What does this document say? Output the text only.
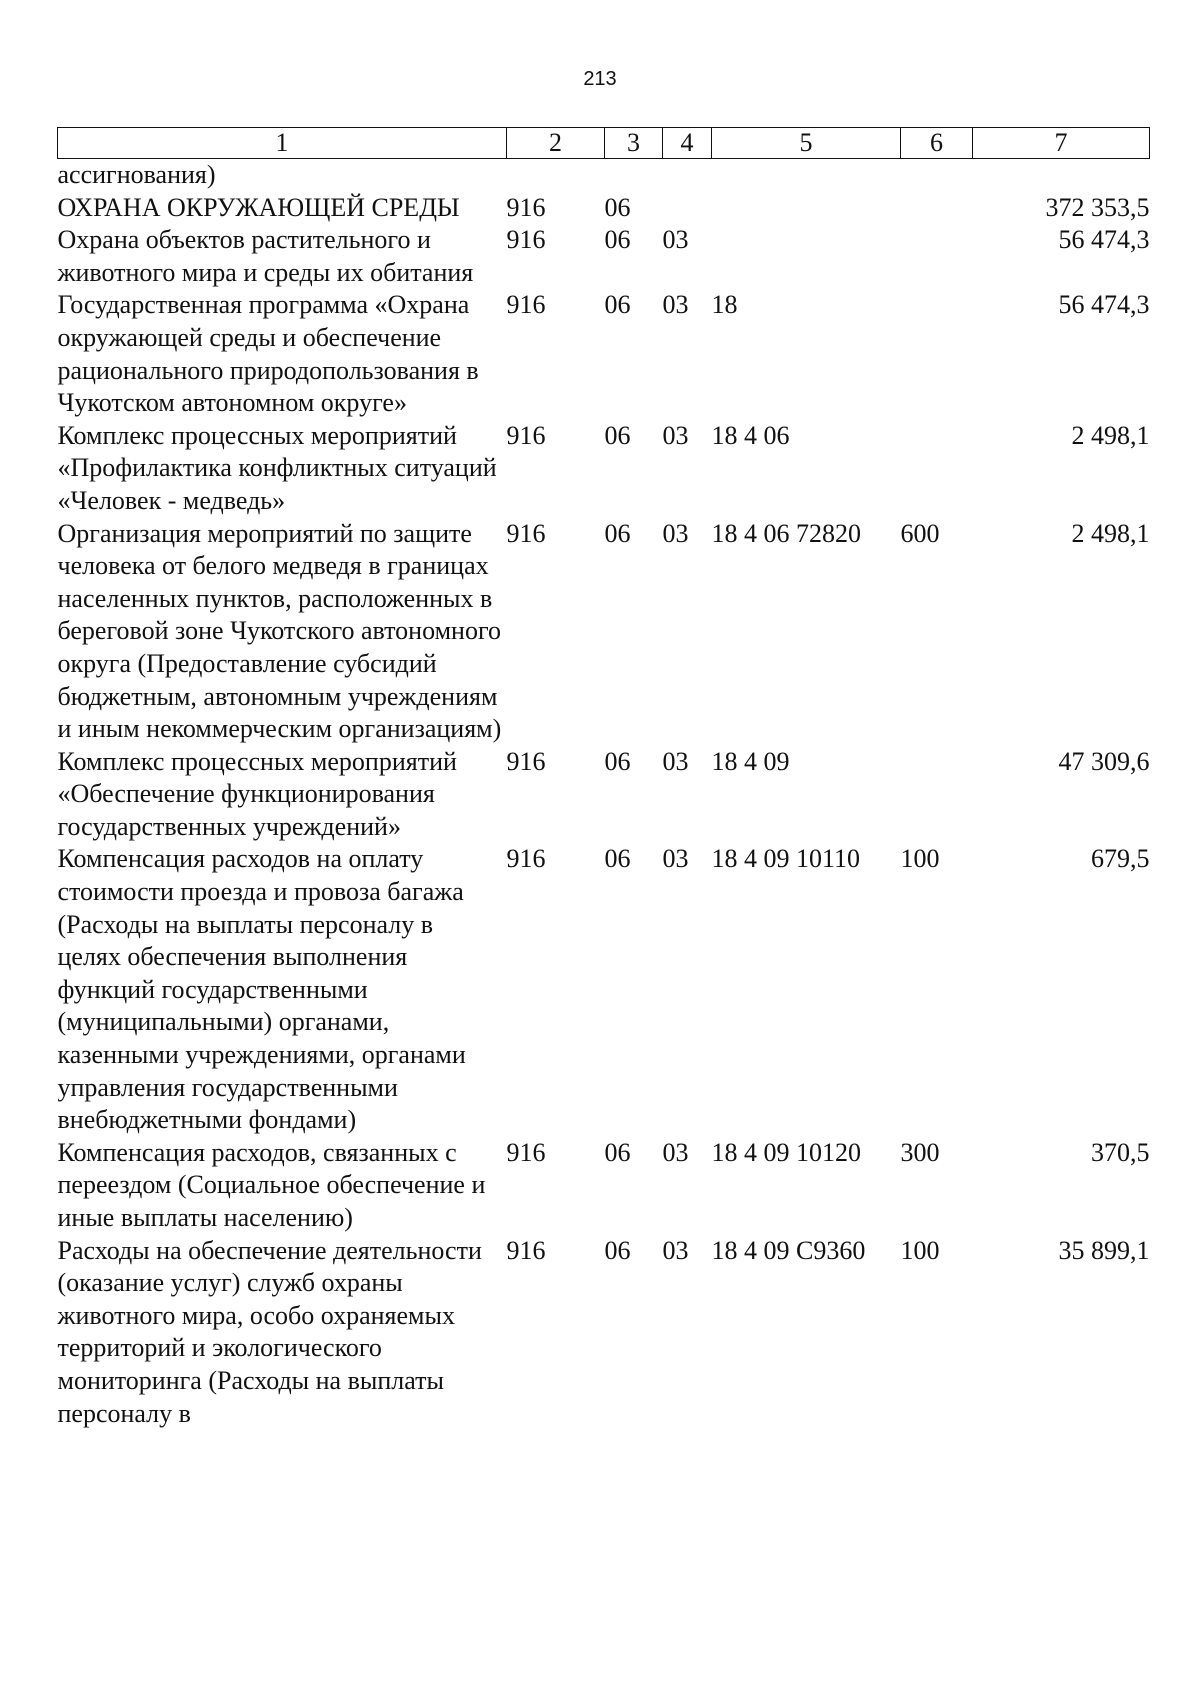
213
1	2	3	4	5	6	7
ассигнования)						
ОХРАНА ОКРУЖАЮЩЕЙ СРЕДЫ	916	06				372 353,5
Охрана объектов растительного и животного мира и среды их обитания	916	06	03			56 474,3
Государственная программа «Охрана окружающей среды и обеспечение рационального природопользования в Чукотском автономном округе»	916	06	03	18		56 474,3
Комплекс процессных мероприятий «Профилактика конфликтных ситуаций «Человек - медведь»	916	06	03	18 4 06		2 498,1
Организация мероприятий по защите человека от белого медведя в границах населенных пунктов, расположенных в береговой зоне Чукотского автономного округа (Предоставление субсидий бюджетным, автономным учреждениям и иным некоммерческим организациям)	916	06	03	18 4 06 72820	600	2 498,1
Комплекс процессных мероприятий «Обеспечение функционирования государственных учреждений»	916	06	03	18 4 09		47 309,6
Компенсация расходов на оплату стоимости проезда и провоза багажа (Расходы на выплаты персоналу в целях обеспечения выполнения функций государственными (муниципальными) органами, казенными учреждениями, органами управления государственными внебюджетными фондами)	916	06	03	18 4 09 10110	100	679,5
Компенсация расходов, связанных с переездом (Социальное обеспечение и иные выплаты населению)	916	06	03	18 4 09 10120	300	370,5
Расходы на обеспечение деятельности (оказание услуг) служб охраны животного мира, особо охраняемых территорий и экологического мониторинга (Расходы на выплаты персоналу в	916	06	03	18 4 09 С9360	100	35 899,1
